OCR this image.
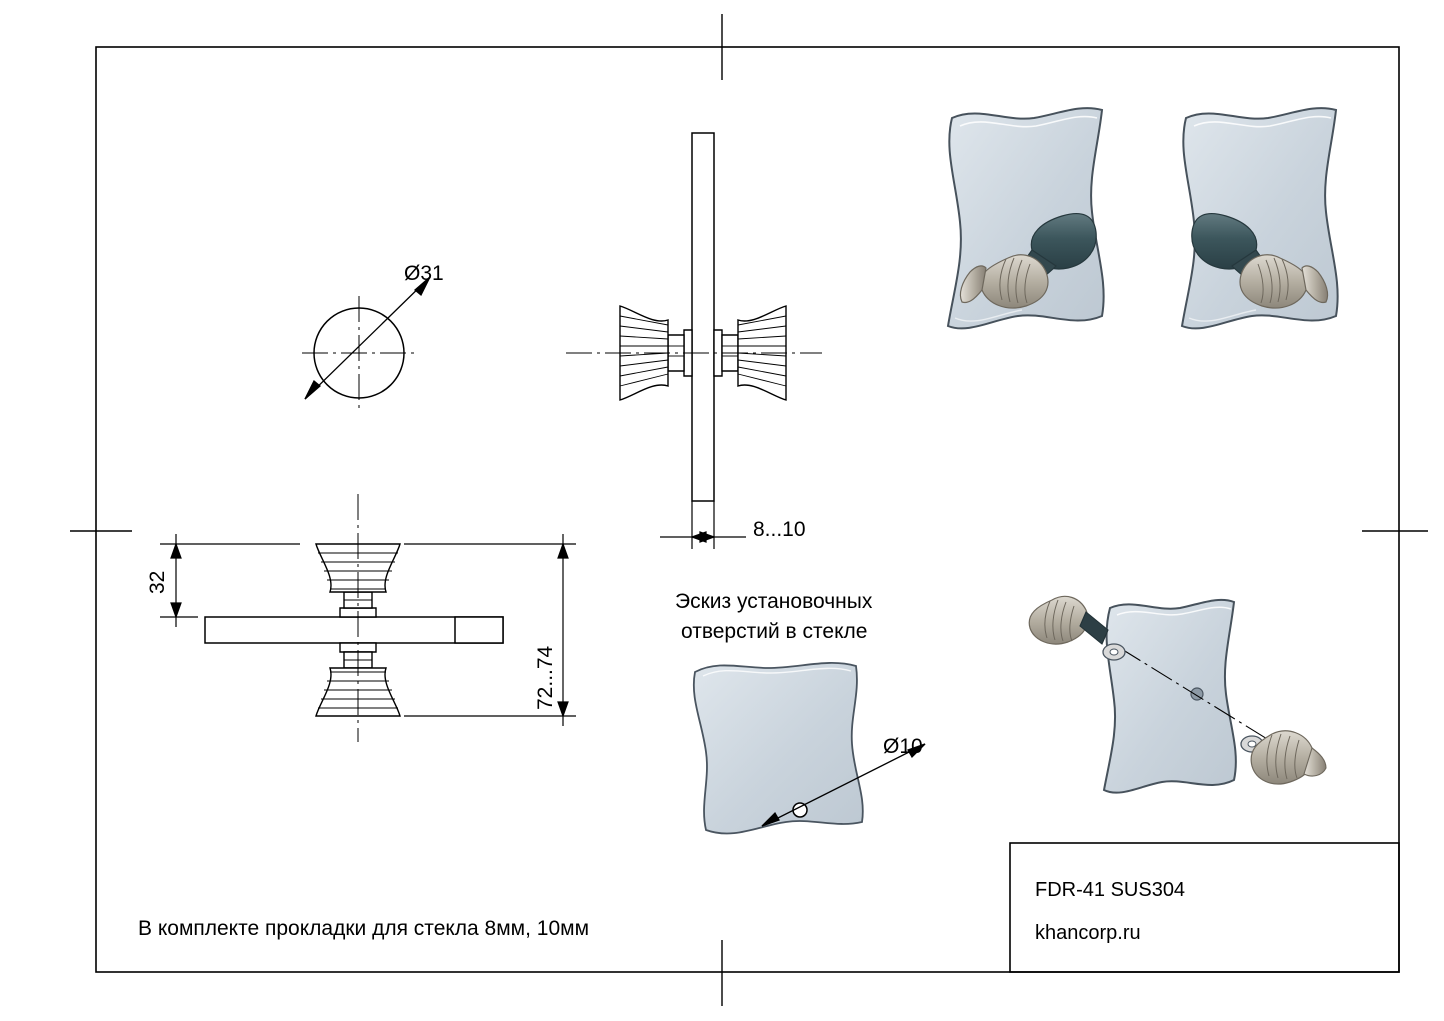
Ø31
8...10
32
72...74
Ø10
Эскиз установочных
отверстий в стекле
В комплекте прокладки для стекла 8мм, 10мм
FDR-41 SUS304
khancorp.ru
